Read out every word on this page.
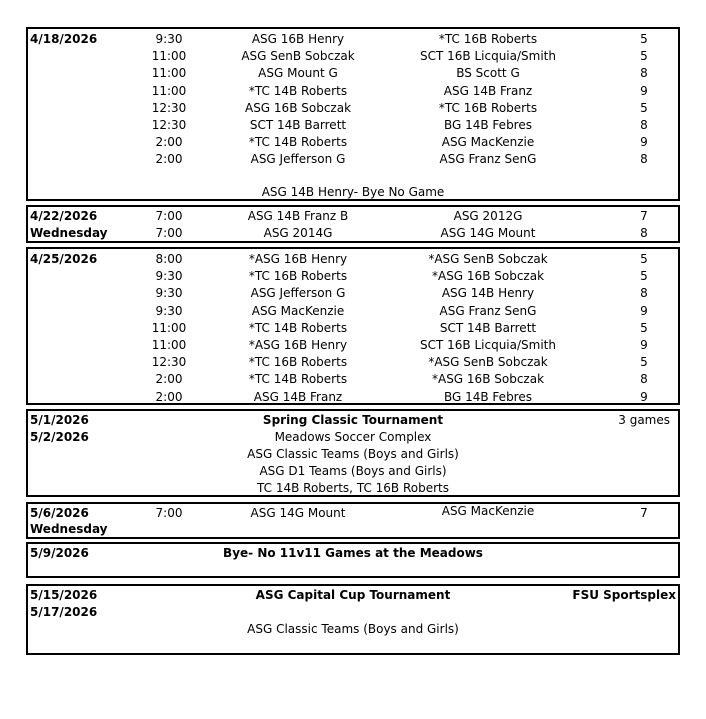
4/18/2026	9:30	ASG 16B Henry	*TC 16B Roberts	5
11:00	ASG SenB Sobczak	SCT 16B Licquia/Smith	5
11:00	ASG Mount G	BS Scott G	8
11:00	*TC 14B Roberts	ASG 14B Franz	9
12:30	ASG 16B Sobczak	*TC 16B Roberts	5
12:30	SCT 14B Barrett	BG 14B Febres	8
2:00	*TC 14B Roberts	ASG MacKenzie	9
2:00	ASG Jefferson G	ASG Franz SenG	8
ASG 14B Henry- Bye No Game
4/22/2026
Wednesday
7:00	ASG 14B Franz B	ASG 2012G	7
7:00	ASG 2014G	ASG 14G Mount	8
4/25/2026	8:00	*ASG 16B Henry	*ASG SenB Sobczak	5
9:30	*TC 16B Roberts	*ASG 16B Sobczak	5
9:30	ASG Jefferson G	ASG 14B Henry	8
9:30	ASG MacKenzie	ASG Franz SenG	9
11:00	*TC 14B Roberts	SCT 14B Barrett	5
11:00	*ASG 16B Henry	SCT 16B Licquia/Smith	9
12:30	*TC 16B Roberts	*ASG SenB Sobczak	5
2:00	*TC 14B Roberts	*ASG 16B Sobczak	8
2:00	ASG 14B Franz	BG 14B Febres	9
5/1/2026	Spring Classic Tournament	3 games
5/2/2026	Meadows Soccer Complex
ASG Classic Teams (Boys and Girls)
ASG D1 Teams (Boys and Girls)
TC 14B Roberts, TC 16B Roberts
5/6/2026	7:00	ASG 14G Mount	ASG MacKenzie	7
Wednesday
5/9/2026	Bye- No 11v11 Games at the Meadows
5/15/2026	ASG Capital Cup Tournament	FSU Sportsplex
5/17/2026
ASG Classic Teams (Boys and Girls)
